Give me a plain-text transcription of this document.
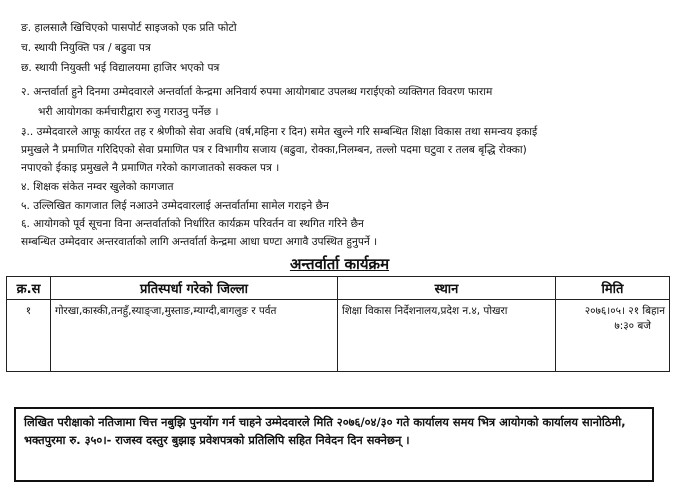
ङ. हालसालै खिचिएको पासपोर्ट साइजको एक प्रति फोटो
च. स्थायी नियुक्ति पत्र / बढुवा पत्र
छ. स्थायी नियुक्ती भई विद्यालयमा हाजिर भएको पत्र
२. अन्तर्वार्ता हुने दिनमा उम्मेदवारले अन्तर्वार्ता केन्द्रमा अनिवार्य रुपमा आयोगबाट उपलब्ध गराईएको व्यक्तिगत विवरण फाराम
भरी आयोगका कर्मचारीद्वारा रुजु गराउनु पर्नेछ ।
३.. उम्मेदवारले आफू कार्यरत तह र श्रेणीको सेवा अवधि (वर्ष,महिना र दिन) समेत खुल्ने गरि सम्बन्धित शिक्षा विकास तथा समन्वय इकाई
प्रमुखले नै प्रमाणित गरिदिएको सेवा प्रमाणित पत्र र विभागीय सजाय (बढुवा, रोक्का,निलम्बन, तल्लो पदमा घटुवा र तलब बृद्धि रोक्का)
नपाएको ईकाइ प्रमुखले नै प्रमाणित गरेको कागजातको सक्कल पत्र ।
४. शिक्षक संकेत नम्वर खुलेको कागजात
५. उल्लिखित कागजात लिई नआउने उम्मेदवारलाई अन्तर्वार्तामा सामेल गराइने छैन
६. आयोगको पूर्व सूचना विना अन्तर्वार्ताको निर्धारित कार्यक्रम परिवर्तन वा स्थगित गरिने छैन
सम्बन्धित उम्मेदवार अन्तरवार्ताको लागि अन्तर्वार्ता केन्द्रमा आधा घण्टा अगावै उपस्थित हुनुपर्ने ।
अन्तर्वार्ता कार्यक्रम
क्र.स	प्रतिस्पर्धा गरेको जिल्ला	स्थान	मिति
१	गोरखा,कास्की,तनहुँ,स्याङ्जा,मुस्ताङ,म्याग्दी,बागलुङ र पर्वत	शिक्षा विकास निर्देशनालय,प्रदेश न.४, पोखरा	२०७६।०५। २१ बिहान
७:३० बजे
लिखित परीक्षाको नतिजामा चित्त नबुझि पुनर्योग गर्न चाहने उम्मेदवारले मिति २०७६/०४/३० गते कार्यालय समय भित्र आयोगको कार्यालय सानोठिमी, भक्तपुरमा रु. ३५०।- राजस्व दस्तुर बुझाइ प्रवेशपत्रको प्रतिलिपि सहित निवेदन दिन सक्नेछन् ।
